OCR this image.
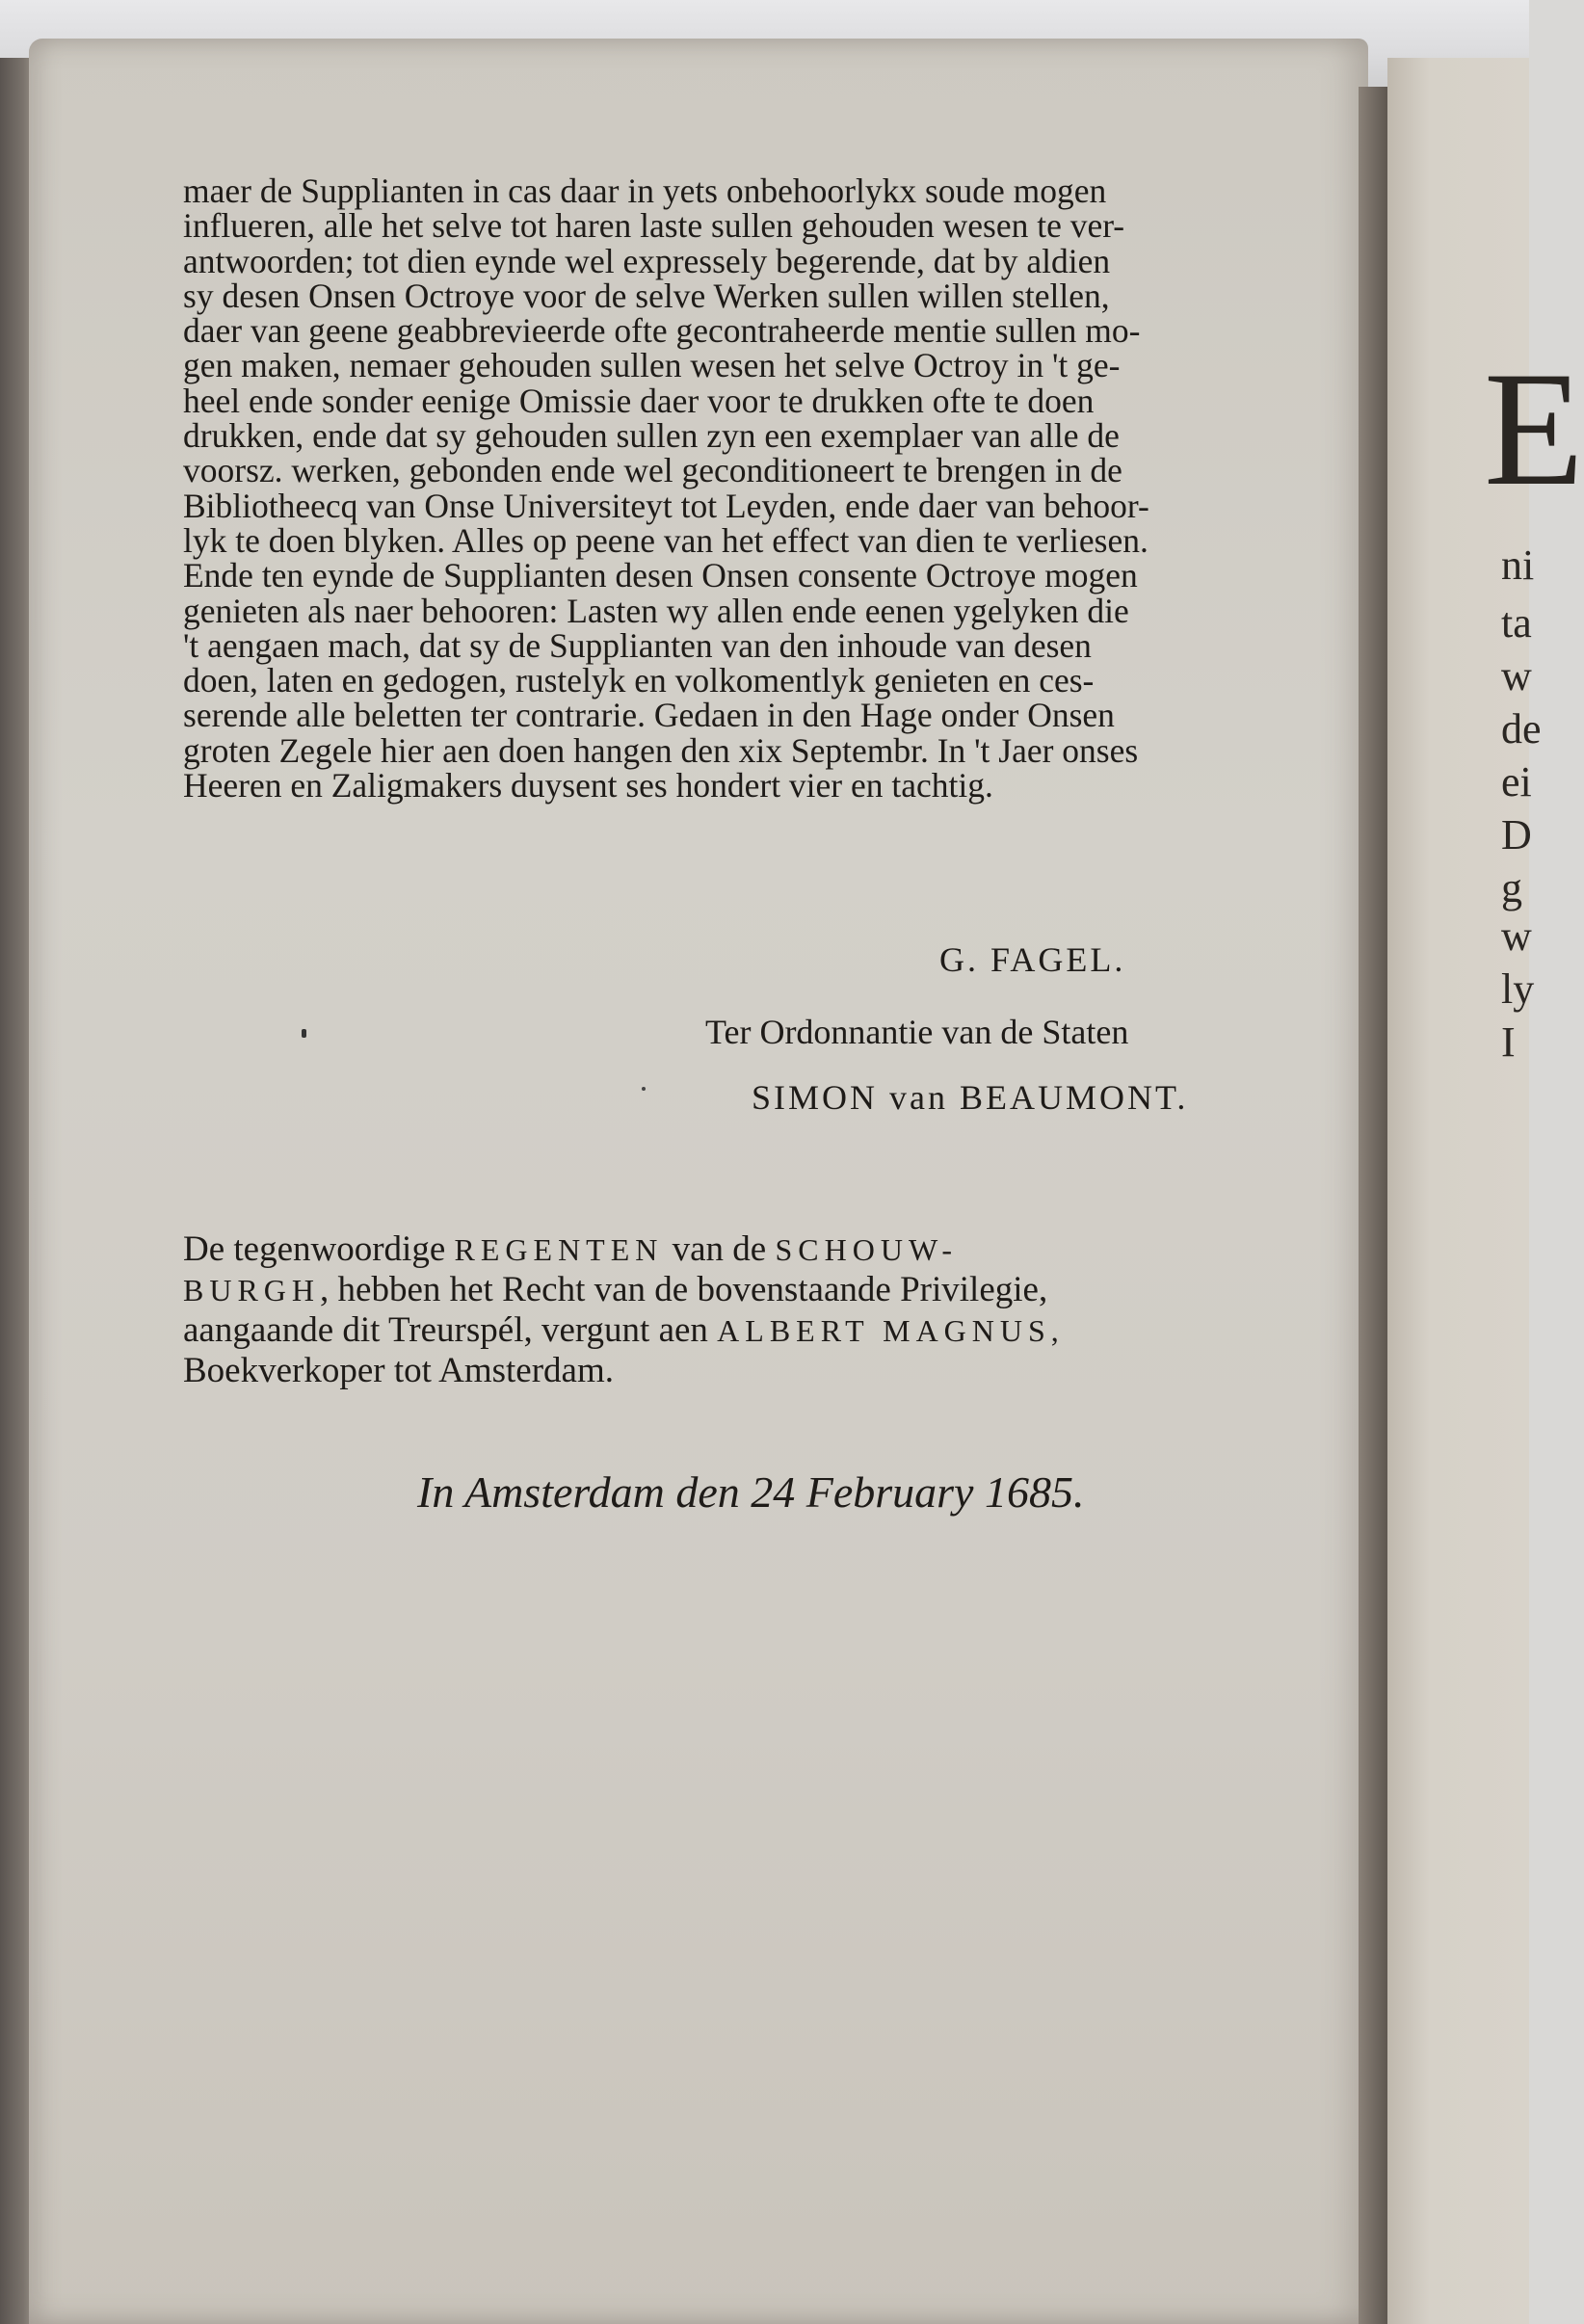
E
ni
ta
w
de
ei
D
g
w
ly
I
maer de Supplianten in cas daar in yets onbehoorlykx soude mogen
influeren, alle het selve tot haren laste sullen gehouden wesen te ver-
antwoorden; tot dien eynde wel expressely begerende, dat by aldien
sy desen Onsen Octroye voor de selve Werken sullen willen stellen,
daer van geene geabbrevieerde ofte gecontraheerde mentie sullen mo-
gen maken, nemaer gehouden sullen wesen het selve Octroy in 't ge-
heel ende sonder eenige Omissie daer voor te drukken ofte te doen
drukken, ende dat sy gehouden sullen zyn een exemplaer van alle de
voorsz. werken, gebonden ende wel geconditioneert te brengen in de
Bibliotheecq van Onse Universiteyt tot Leyden, ende daer van behoor-
lyk te doen blyken. Alles op peene van het effect van dien te verliesen.
Ende ten eynde de Supplianten desen Onsen consente Octroye mogen
genieten als naer behooren: Lasten wy allen ende eenen ygelyken die
't aengaen mach, dat sy de Supplianten van den inhoude van desen
doen, laten en gedogen, rustelyk en volkomentlyk genieten en ces-
serende alle beletten ter contrarie. Gedaen in den Hage onder Onsen
groten Zegele hier aen doen hangen den xix Septembr. In 't Jaer onses
Heeren en Zaligmakers duysent ses hondert vier en tachtig.
G. FAGEL.
Ter Ordonnantie van de Staten
SIMON van BEAUMONT.
De tegenwoordige REGENTEN van de SCHOUW-
BURGH, hebben het Recht van de bovenstaande Privilegie,
aangaande dit Treurspél, vergunt aen ALBERT MAGNUS,
Boekverkoper tot Amsterdam.
In Amsterdam den 24 February 1685.
